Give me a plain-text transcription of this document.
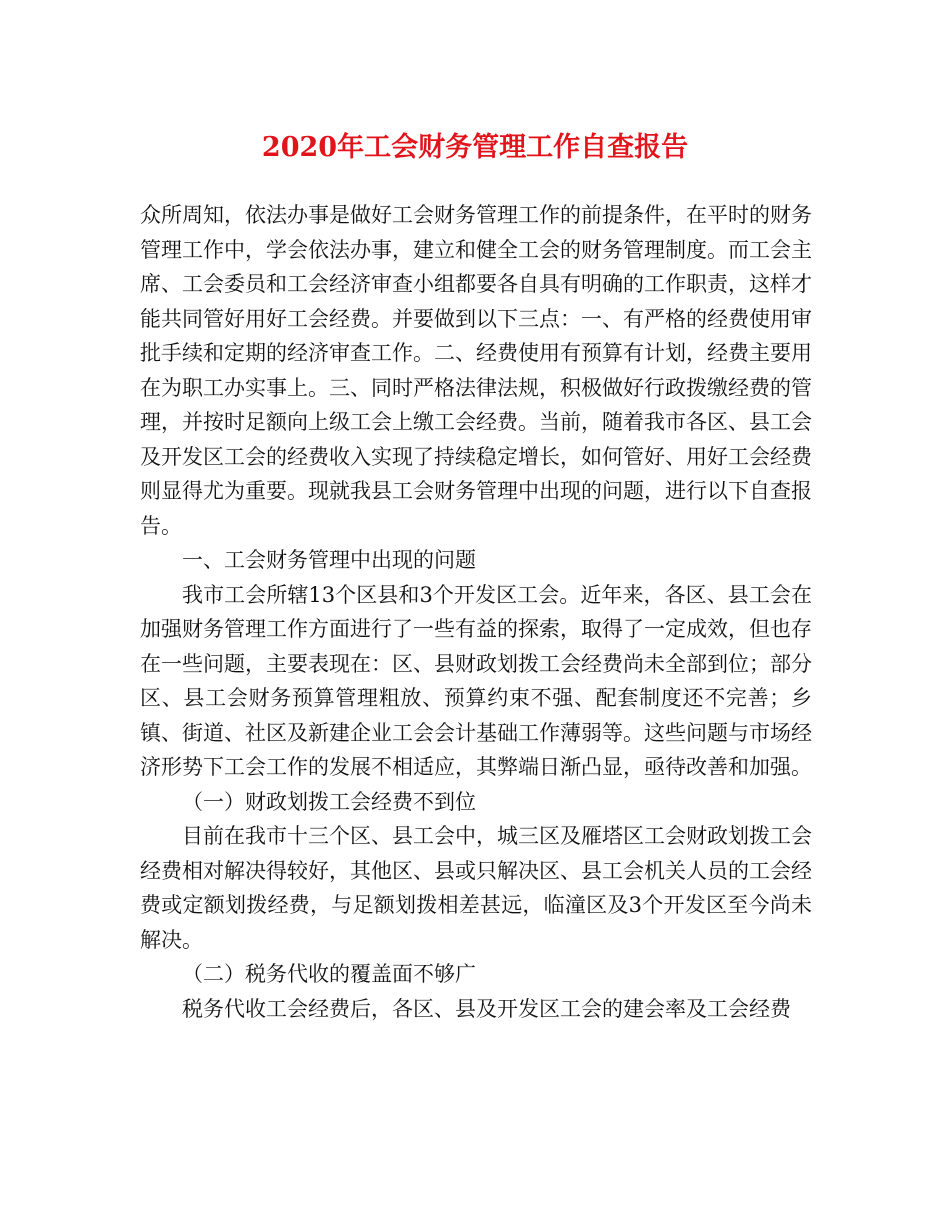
2020年工会财务管理工作自查报告

众所周知，依法办事是做好工会财务管理工作的前提条件，在平时的财务管理工作中，学会依法办事，建立和健全工会的财务管理制度。而工会主席、工会委员和工会经济审查小组都要各自具有明确的工作职责，这样才能共同管好用好工会经费。并要做到以下三点：一、有严格的经费使用审批手续和定期的经济审查工作。二、经费使用有预算有计划，经费主要用在为职工办实事上。三、同时严格法律法规，积极做好行政拨缴经费的管理，并按时足额向上级工会上缴工会经费。当前，随着我市各区、县工会及开发区工会的经费收入实现了持续稳定增长，如何管好、用好工会经费则显得尤为重要。现就我县工会财务管理中出现的问题，进行以下自查报告。

一、工会财务管理中出现的问题

我市工会所辖13个区县和3个开发区工会。近年来，各区、县工会在加强财务管理工作方面进行了一些有益的探索，取得了一定成效，但也存在一些问题，主要表现在：区、县财政划拨工会经费尚未全部到位；部分区、县工会财务预算管理粗放、预算约束不强、配套制度还不完善；乡镇、街道、社区及新建企业工会会计基础工作薄弱等。这些问题与市场经济形势下工会工作的发展不相适应，其弊端日渐凸显，亟待改善和加强。

（一）财政划拨工会经费不到位

目前在我市十三个区、县工会中，城三区及雁塔区工会财政划拨工会经费相对解决得较好，其他区、县或只解决区、县工会机关人员的工会经费或定额划拨经费，与足额划拨相差甚远，临潼区及3个开发区至今尚未解决。

（二）税务代收的覆盖面不够广

税务代收工会经费后，各区、县及开发区工会的建会率及工会经费
